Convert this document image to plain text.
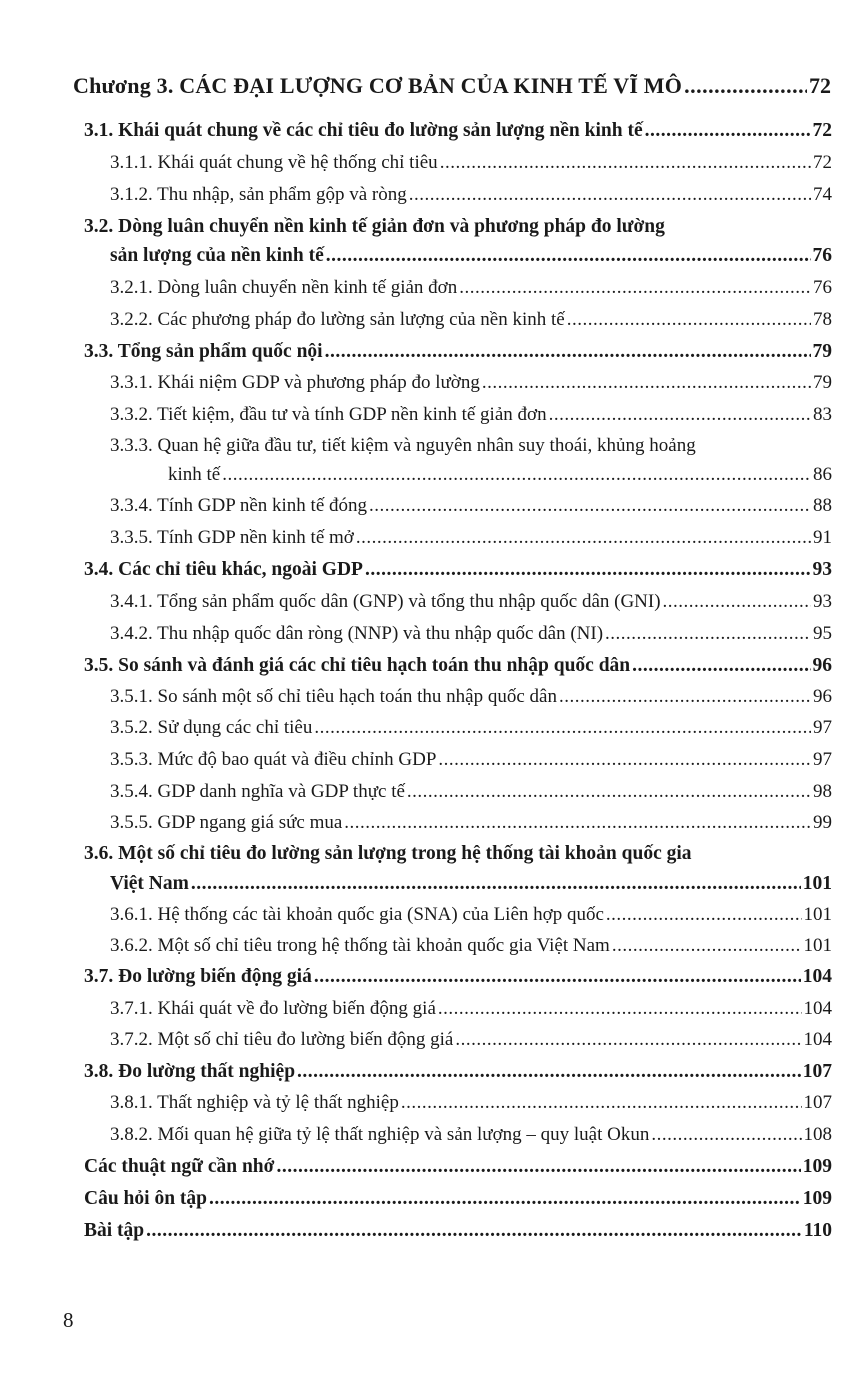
Chương 3. CÁC ĐẠI LƯỢNG CƠ BẢN CỦA KINH TẾ VĨ MÔ .....	72
3.1. Khái quát chung về các chỉ tiêu đo lường sản lượng nền kinh tế .....	72
3.1.1. Khái quát chung về hệ thống chỉ tiêu .....	72
3.1.2. Thu nhập, sản phẩm gộp và ròng .....	74
3.2. Dòng luân chuyển nền kinh tế giản đơn và phương pháp đo lường
sản lượng của nền kinh tế .....	76
3.2.1. Dòng luân chuyển nền kinh tế giản đơn .....	76
3.2.2. Các phương pháp đo lường sản lượng của nền kinh tế .....	78
3.3. Tổng sản phẩm quốc nội .....	79
3.3.1. Khái niệm GDP và phương pháp đo lường .....	79
3.3.2. Tiết kiệm, đầu tư và tính GDP nền kinh tế giản đơn .....	83
3.3.3. Quan hệ giữa đầu tư, tiết kiệm và nguyên nhân suy thoái, khủng hoảng
kinh tế .....	86
3.3.4. Tính GDP nền kinh tế đóng .....	88
3.3.5. Tính GDP nền kinh tế mở .....	91
3.4. Các chỉ tiêu khác, ngoài GDP .....	93
3.4.1. Tổng sản phẩm quốc dân (GNP) và tổng thu nhập quốc dân (GNI) .....	93
3.4.2. Thu nhập quốc dân ròng (NNP) và thu nhập quốc dân (NI) .....	95
3.5. So sánh và đánh giá các chỉ tiêu hạch toán thu nhập quốc dân .....	96
3.5.1. So sánh một số chỉ tiêu hạch toán thu nhập quốc dân .....	96
3.5.2. Sử dụng các chỉ tiêu .....	97
3.5.3. Mức độ bao quát và điều chỉnh GDP .....	97
3.5.4. GDP danh nghĩa và GDP thực tế .....	98
3.5.5. GDP ngang giá sức mua .....	99
3.6. Một số chỉ tiêu đo lường sản lượng trong hệ thống tài khoản quốc gia
Việt Nam .....	101
3.6.1. Hệ thống các tài khoản quốc gia (SNA) của Liên hợp quốc .....	101
3.6.2. Một số chỉ tiêu trong hệ thống tài khoản quốc gia Việt Nam .....	101
3.7. Đo lường biến động giá .....	104
3.7.1. Khái quát về đo lường biến động giá .....	104
3.7.2. Một số chỉ tiêu đo lường biến động giá .....	104
3.8. Đo lường thất nghiệp .....	107
3.8.1. Thất nghiệp và tỷ lệ thất nghiệp .....	107
3.8.2. Mối quan hệ giữa tỷ lệ thất nghiệp và sản lượng – quy luật Okun .....	108
Các thuật ngữ cần nhớ .....	109
Câu hỏi ôn tập .....	109
Bài tập .....	110
8
